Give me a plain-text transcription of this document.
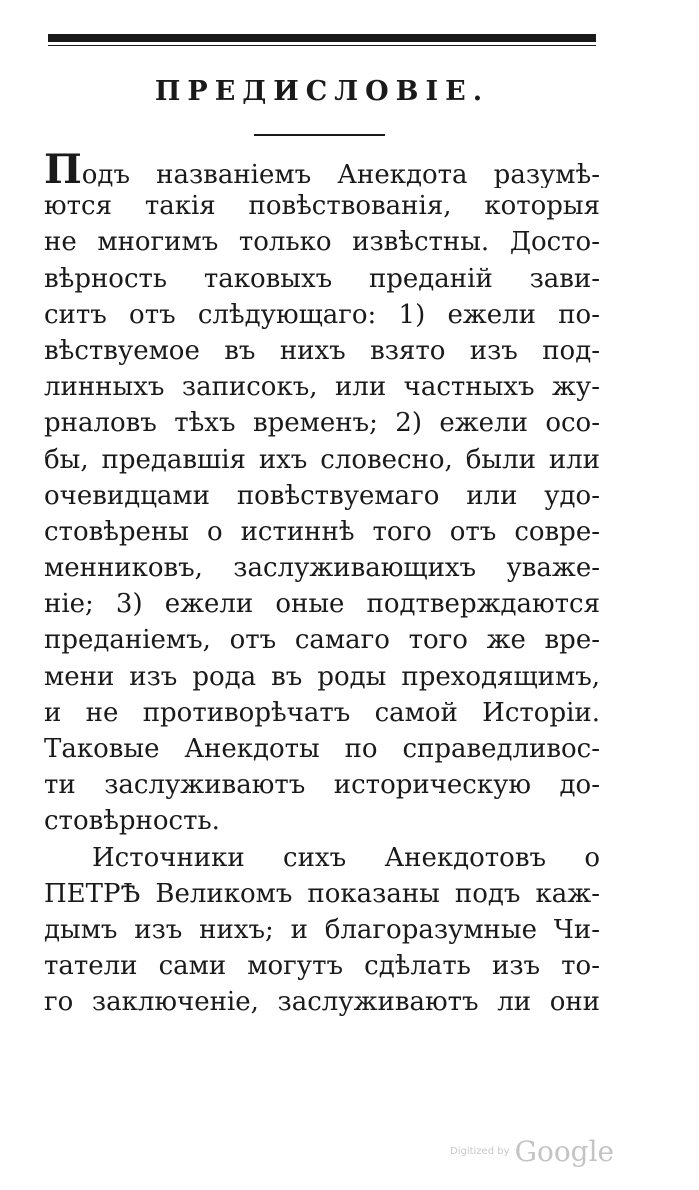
ПРЕДИСЛОВІЕ.
Подъ названіемъ Анекдота разумѣ-
ются такія повѣствованія, которыя
не многимъ только извѣстны. Досто-
вѣрность таковыхъ преданій зави-
ситъ отъ слѣдующаго: 1) ежели по-
вѣствуемое въ нихъ взято изъ под-
линныхъ записокъ, или частныхъ жу-
рналовъ тѣхъ временъ; 2) ежели осо-
бы, предавшія ихъ словесно, были или
очевидцами повѣствуемаго или удо-
стовѣрены о истиннѣ того отъ совре-
менниковъ, заслуживающихъ уваже-
ніе; 3) ежели оные подтверждаются
преданіемъ, отъ самаго того же вре-
мени изъ рода въ роды преходящимъ,
и не противорѣчатъ самой Исторіи.
Таковые Анекдоты по справедливос-
ти заслуживаютъ историческую до-
стовѣрность.
Источники сихъ Анекдотовъ о
ПЕТРѢ Великомъ показаны подъ каж-
дымъ изъ нихъ; и благоразумные Чи-
татели сами могутъ сдѣлать изъ то-
го заключеніе, заслуживаютъ ли они
Digitized by Google
